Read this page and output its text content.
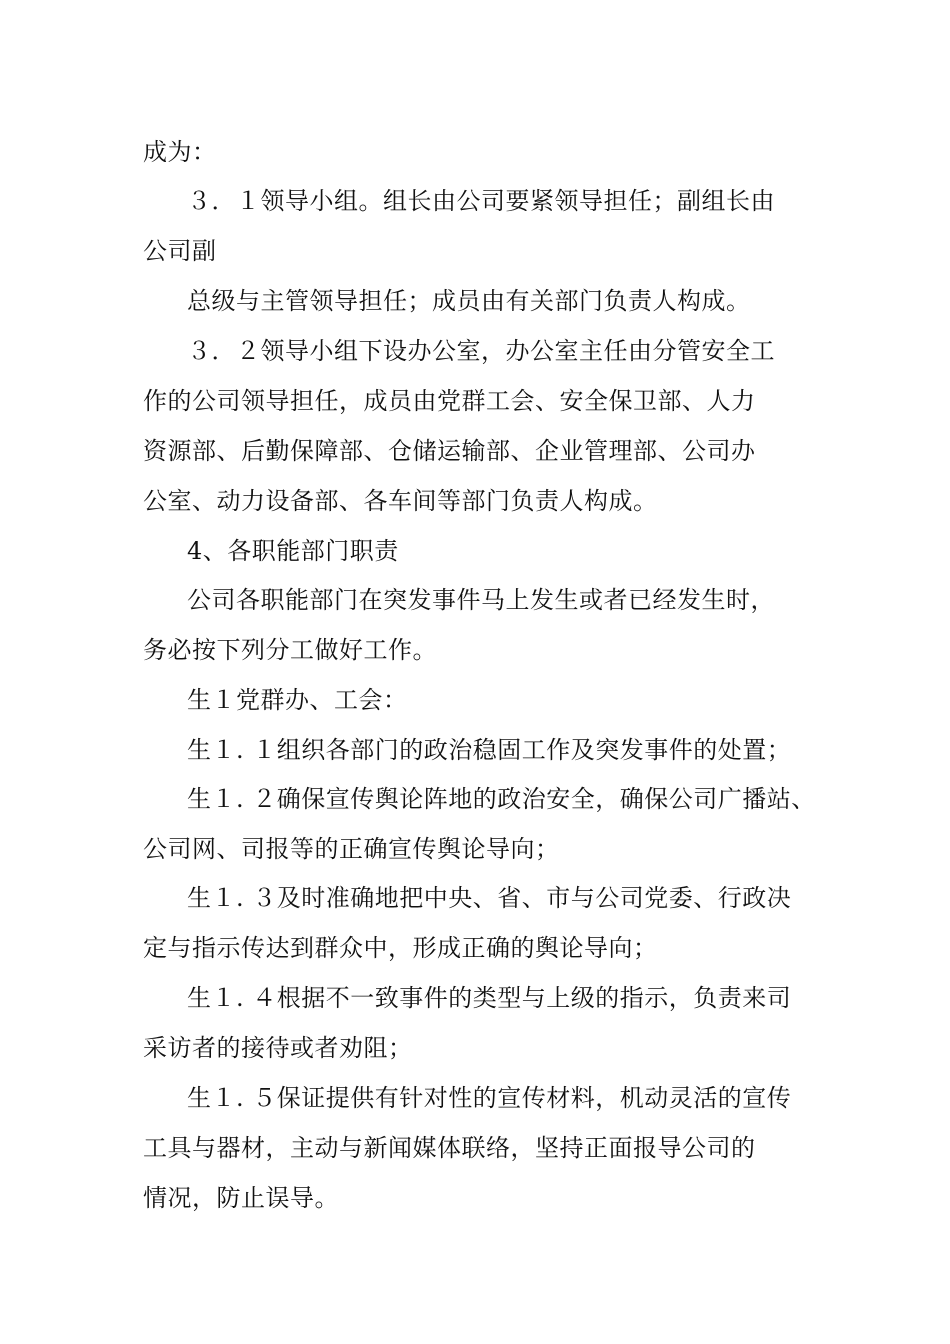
成为：
３．１领导小组。组长由公司要紧领导担任；副组长由
公司副
总级与主管领导担任；成员由有关部门负责人构成。
３．２领导小组下设办公室，办公室主任由分管安全工
作的公司领导担任，成员由党群工会、安全保卫部、人力
资源部、后勤保障部、仓储运输部、企业管理部、公司办
公室、动力设备部、各车间等部门负责人构成。
4、各职能部门职责
公司各职能部门在突发事件马上发生或者已经发生时，
务必按下列分工做好工作。
生１党群办、工会：
生１. １组织各部门的政治稳固工作及突发事件的处置；
生１. ２确保宣传舆论阵地的政治安全，确保公司广播站、
公司网、司报等的正确宣传舆论导向；
生１. ３及时准确地把中央、省、市与公司党委、行政决
定与指示传达到群众中，形成正确的舆论导向；
生１. ４根据不一致事件的类型与上级的指示，负责来司
采访者的接待或者劝阻；
生１. ５保证提供有针对性的宣传材料，机动灵活的宣传
工具与器材，主动与新闻媒体联络，坚持正面报导公司的
情况，防止误导。
